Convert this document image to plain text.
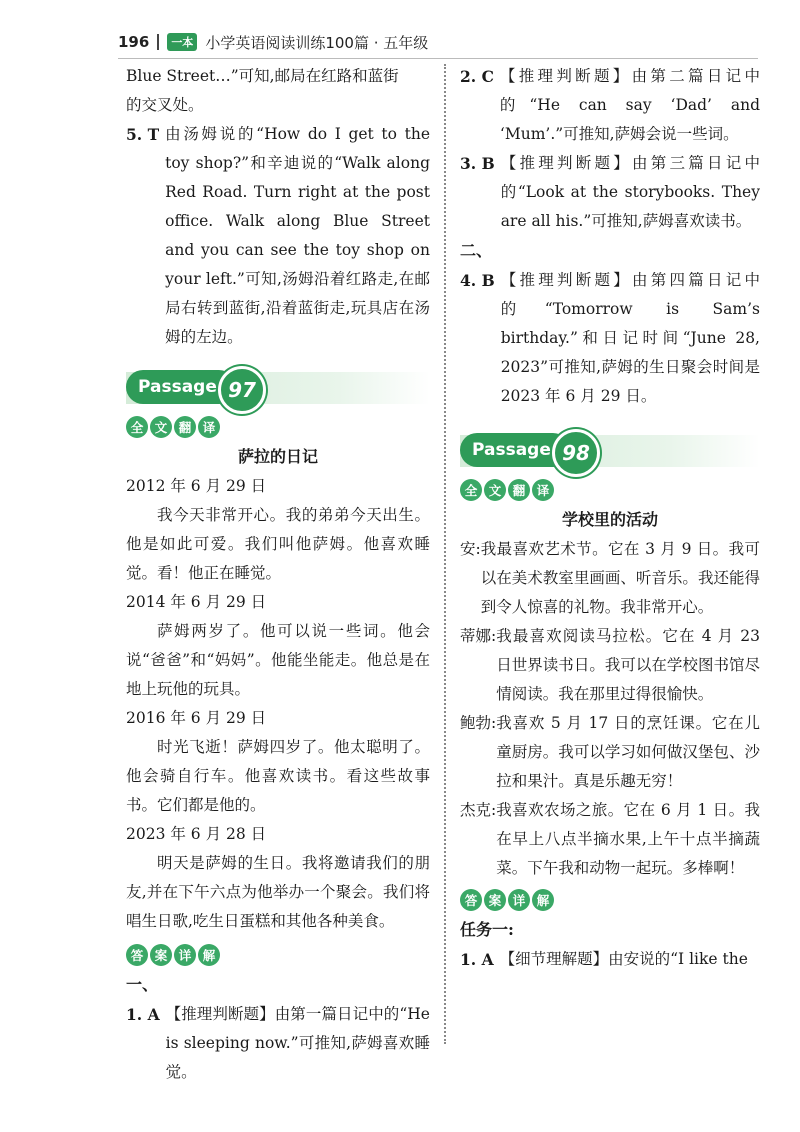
196	一本 小学英语阅读训练100篇 · 五年级

Blue Street…”可知,邮局在红路和蓝街

的交叉处。

5. T 由汤姆说的“How do I get to the toy shop?”和辛迪说的“Walk along Red Road. Turn right at the post office. Walk along Blue Street and you can see the toy shop on your left.”可知,汤姆沿着红路走,在邮局右转到蓝街,沿着蓝街走,玩具店在汤姆的左边。
Passage 97
全 文 翻 译

萨拉的日记

2012 年 6 月 29 日

我今天非常开心。我的弟弟今天出生。他是如此可爱。我们叫他萨姆。他喜欢睡觉。看！他正在睡觉。

2014 年 6 月 29 日

萨姆两岁了。他可以说一些词。他会说“爸爸”和“妈妈”。他能坐能走。他总是在地上玩他的玩具。

2016 年 6 月 29 日

时光飞逝！萨姆四岁了。他太聪明了。他会骑自行车。他喜欢读书。看这些故事书。它们都是他的。

2023 年 6 月 28 日

明天是萨姆的生日。我将邀请我们的朋友,并在下午六点为他举办一个聚会。我们将唱生日歌,吃生日蛋糕和其他各种美食。

答 案 详 解

一、

1. A 【推理判断题】由第一篇日记中的“He is sleeping now.”可推知,萨姆喜欢睡觉。
2. C 【推理判断题】由第二篇日记中的“He can say ‘Dad’ and ‘Mum’.”可推知,萨姆会说一些词。
3. B 【推理判断题】由第三篇日记中的“Look at the storybooks. They are all his.”可推知,萨姆喜欢读书。

二、

4. B 【推理判断题】由第四篇日记中的“Tomorrow is Sam’s birthday.”和日记时间“June 28, 2023”可推知,萨姆的生日聚会时间是 2023 年 6 月 29 日。
Passage 98
全 文 翻 译

学校里的活动

安: 我最喜欢艺术节。它在 3 月 9 日。我可以在美术教室里画画、听音乐。我还能得到令人惊喜的礼物。我非常开心。
蒂娜: 我最喜欢阅读马拉松。它在 4 月 23 日世界读书日。我可以在学校图书馆尽情阅读。我在那里过得很愉快。
鲍勃: 我喜欢 5 月 17 日的烹饪课。它在儿童厨房。我可以学习如何做汉堡包、沙拉和果汁。真是乐趣无穷！
杰克: 我喜欢农场之旅。它在 6 月 1 日。我在早上八点半摘水果,上午十点半摘蔬菜。下午我和动物一起玩。多棒啊！
答 案 详 解

任务一:

1. A 【细节理解题】由安说的“I like the
